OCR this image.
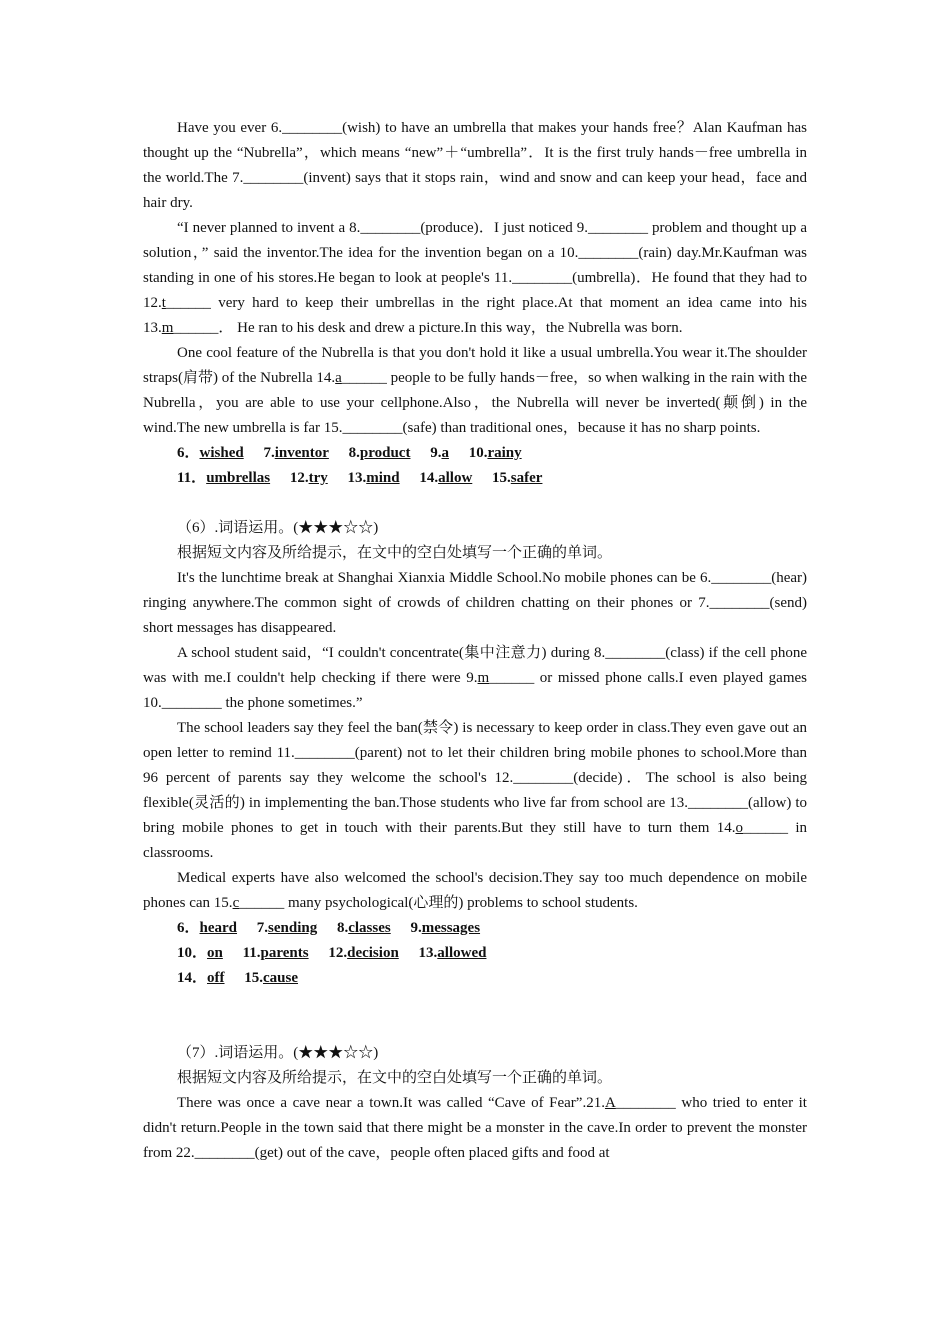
Have you ever 6.________(wish) to have an umbrella that makes your hands free？Alan Kaufman has thought up the “Nubrella”，which means “new”＋“umbrella”．It is the first truly hands－free umbrella in the world.The 7.________(invent) says that it stops rain，wind and snow and can keep your head，face and hair dry.

“I never planned to invent a 8.________(produce)．I just noticed 9.________ problem and thought up a solution，” said the inventor.The idea for the invention began on a 10.________(rain) day.Mr.Kaufman was standing in one of his stores.He began to look at people's 11.________(umbrella)．He found that they had to 12.t______ very hard to keep their umbrellas in the right place.At that moment an idea came into his 13.m______． He ran to his desk and drew a picture.In this way，the Nubrella was born.

One cool feature of the Nubrella is that you don't hold it like a usual umbrella.You wear it.The shoulder straps(肩带) of the Nubrella 14.a______ people to be fully hands－free，so when walking in the rain with the Nubrella，you are able to use your cellphone.Also，the Nubrella will never be inverted(颠倒) in the wind.The new umbrella is far 15.________(safe) than traditional ones，because it has no sharp points.

6．wished 7.inventor 8.product 9.a 10.rainy
11．umbrellas 12.try 13.mind 14.allow 15.safer
（6）.词语运用。(★★★☆☆)
根据短文内容及所给提示，在文中的空白处填写一个正确的单词。

It's the lunchtime break at Shanghai Xianxia Middle School.No mobile phones can be 6.________(hear) ringing anywhere.The common sight of crowds of children chatting on their phones or 7.________(send) short messages has disappeared.

A school student said，“I couldn't concentrate(集中注意力) during 8.________(class) if the cell phone was with me.I couldn't help checking if there were 9.m______ or missed phone calls.I even played games 10.________ the phone sometimes.”

The school leaders say they feel the ban(禁令) is necessary to keep order in class.They even gave out an open letter to remind 11.________(parent) not to let their children bring mobile phones to school.More than 96 percent of parents say they welcome the school's 12.________(decide)．The school is also being flexible(灵活的) in implementing the ban.Those students who live far from school are 13.________(allow) to bring mobile phones to get in touch with their parents.But they still have to turn them 14.o______ in classrooms.

Medical experts have also welcomed the school's decision.They say too much dependence on mobile phones can 15.c______ many psychological(心理的) problems to school students.

6．heard 7.sending 8.classes 9.messages
10．on 11.parents 12.decision 13.allowed
14．off 15.cause
（7）.词语运用。(★★★☆☆)
根据短文内容及所给提示，在文中的空白处填写一个正确的单词。

There was once a cave near a town.It was called “Cave of Fear”.21.A________ who tried to enter it didn't return.People in the town said that there might be a monster in the cave.In order to prevent the monster from 22.________(get) out of the cave，people often placed gifts and food at
